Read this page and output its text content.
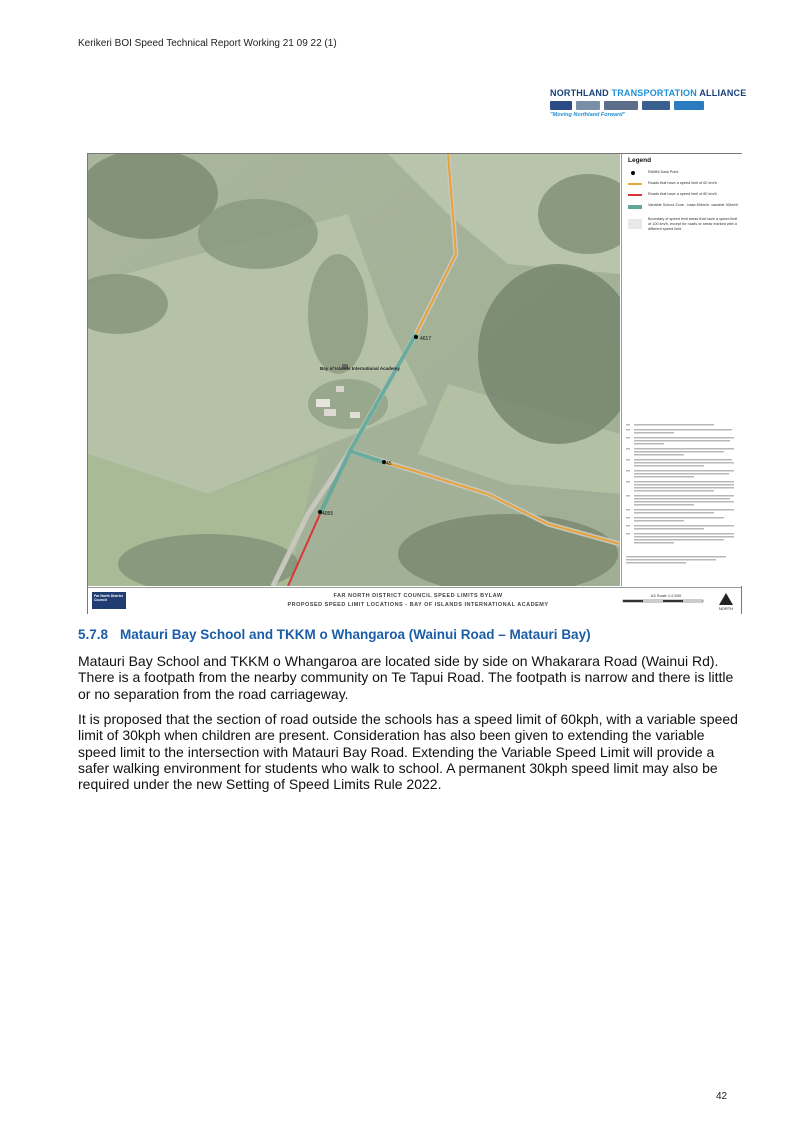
Kerikeri BOI Speed Technical Report Working 21 09 22 (1)
NORTHLAND TRANSPORTATION ALLIANCE
"Moving Northland Forward"
4617
45
4055
Bay of Islands International Academy
Legend
RAMM Data Point
Roads that have a speed limit of 60 km/h
Roads that have a speed limit of 80 km/h
Variable School Zone - base 60km/h, variable 30km/h
Boundary of speed limit areas that have a speed limit of 100 km/h, except for roads or areas marked with a different speed limit.
Far North District Council
FAR NORTH DISTRICT COUNCIL SPEED LIMITS BYLAW
PROPOSED SPEED LIMIT LOCATIONS - BAY OF ISLANDS INTERNATIONAL ACADEMY
A3 Scale 1:2,500
NORTH
5.7.8 Matauri Bay School and TKKM o Whangaroa (Wainui Road – Matauri Bay)
Matauri Bay School and TKKM o Whangaroa are located side by side on Whakarara Road (Wainui Rd). There is a footpath from the nearby community on Te Tapui Road. The footpath is narrow and there is little or no separation from the road carriageway.
It is proposed that the section of road outside the schools has a speed limit of 60kph, with a variable speed limit of 30kph when children are present. Consideration has also been given to extending the variable speed limit to the intersection with Matauri Bay Road. Extending the Variable Speed Limit will provide a safer walking environment for students who walk to school. A permanent 30kph speed limit may also be required under the new Setting of Speed Limits Rule 2022.
42
